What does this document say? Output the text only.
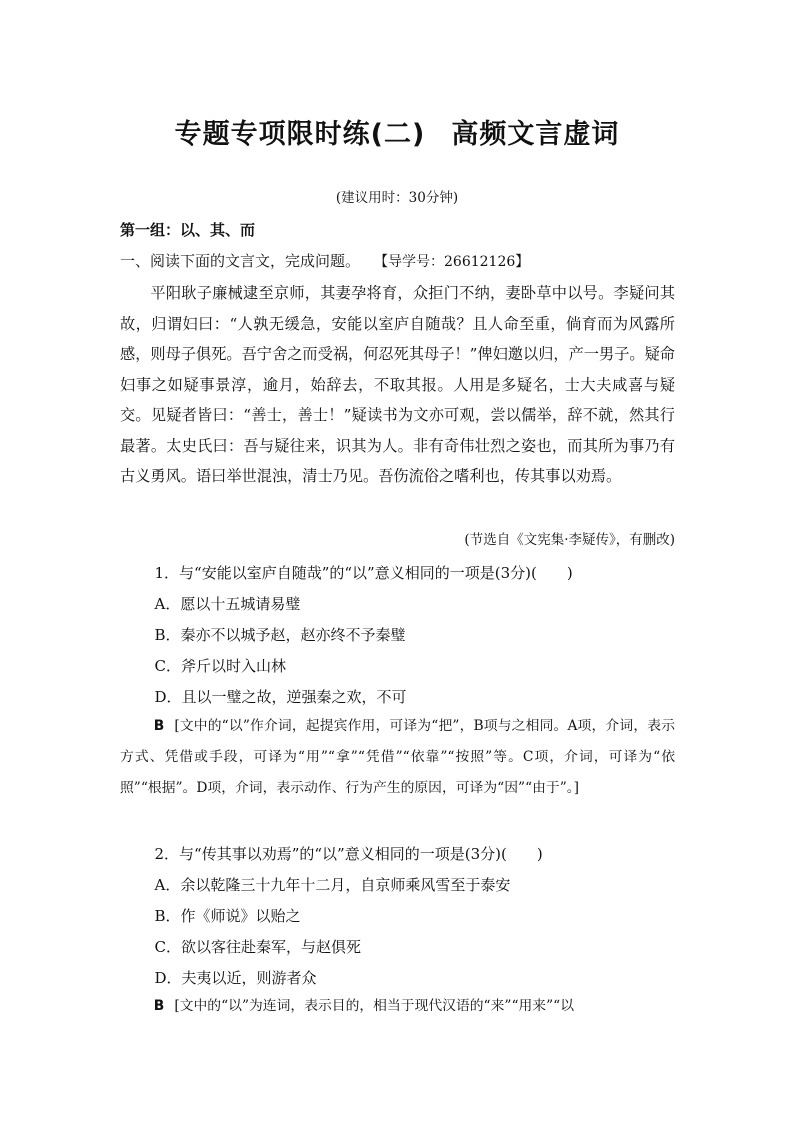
专题专项限时练(二) 高频文言虚词
(建议用时：30分钟)
第一组：以、其、而
一、阅读下面的文言文，完成问题。 【导学号：26612126】
平阳耿子廉械逮至京师，其妻孕将育，众拒门不纳，妻卧草中以号。李疑问其故，归谓妇曰：“人孰无缓急，安能以室庐自随哉？且人命至重，倘育而为风露所感，则母子俱死。吾宁舍之而受祸，何忍死其母子！”俾妇邀以归，产一男子。疑命妇事之如疑事景淳，逾月，始辞去，不取其报。人用是多疑名，士大夫咸喜与疑交。见疑者皆曰：“善士，善士！”疑读书为文亦可观，尝以儒举，辞不就，然其行最著。太史氏曰：吾与疑往来，识其为人。非有奇伟壮烈之姿也，而其所为事乃有古义勇风。语曰举世混浊，清士乃见。吾伤流俗之嗜利也，传其事以劝焉。
(节选自《文宪集·李疑传》，有删改)
1．与“安能以室庐自随哉”的“以”意义相同的一项是(3分)(　　)
A．愿以十五城请易璧
B．秦亦不以城予赵，赵亦终不予秦璧
C．斧斤以时入山林
D．且以一璧之故，逆强秦之欢，不可
B [文中的“以”作介词，起提宾作用，可译为“把”，B项与之相同。A项，介词，表示方式、凭借或手段，可译为“用”“拿”“凭借”“依靠”“按照”等。C项，介词，可译为“依照”“根据”。D项，介词，表示动作、行为产生的原因，可译为“因”“由于”。]
2．与“传其事以劝焉”的“以”意义相同的一项是(3分)(　　)
A．余以乾隆三十九年十二月，自京师乘风雪至于泰安
B．作《师说》以贻之
C．欲以客往赴秦军，与赵俱死
D．夫夷以近，则游者众
B [文中的“以”为连词，表示目的，相当于现代汉语的“来”“用来”“以
